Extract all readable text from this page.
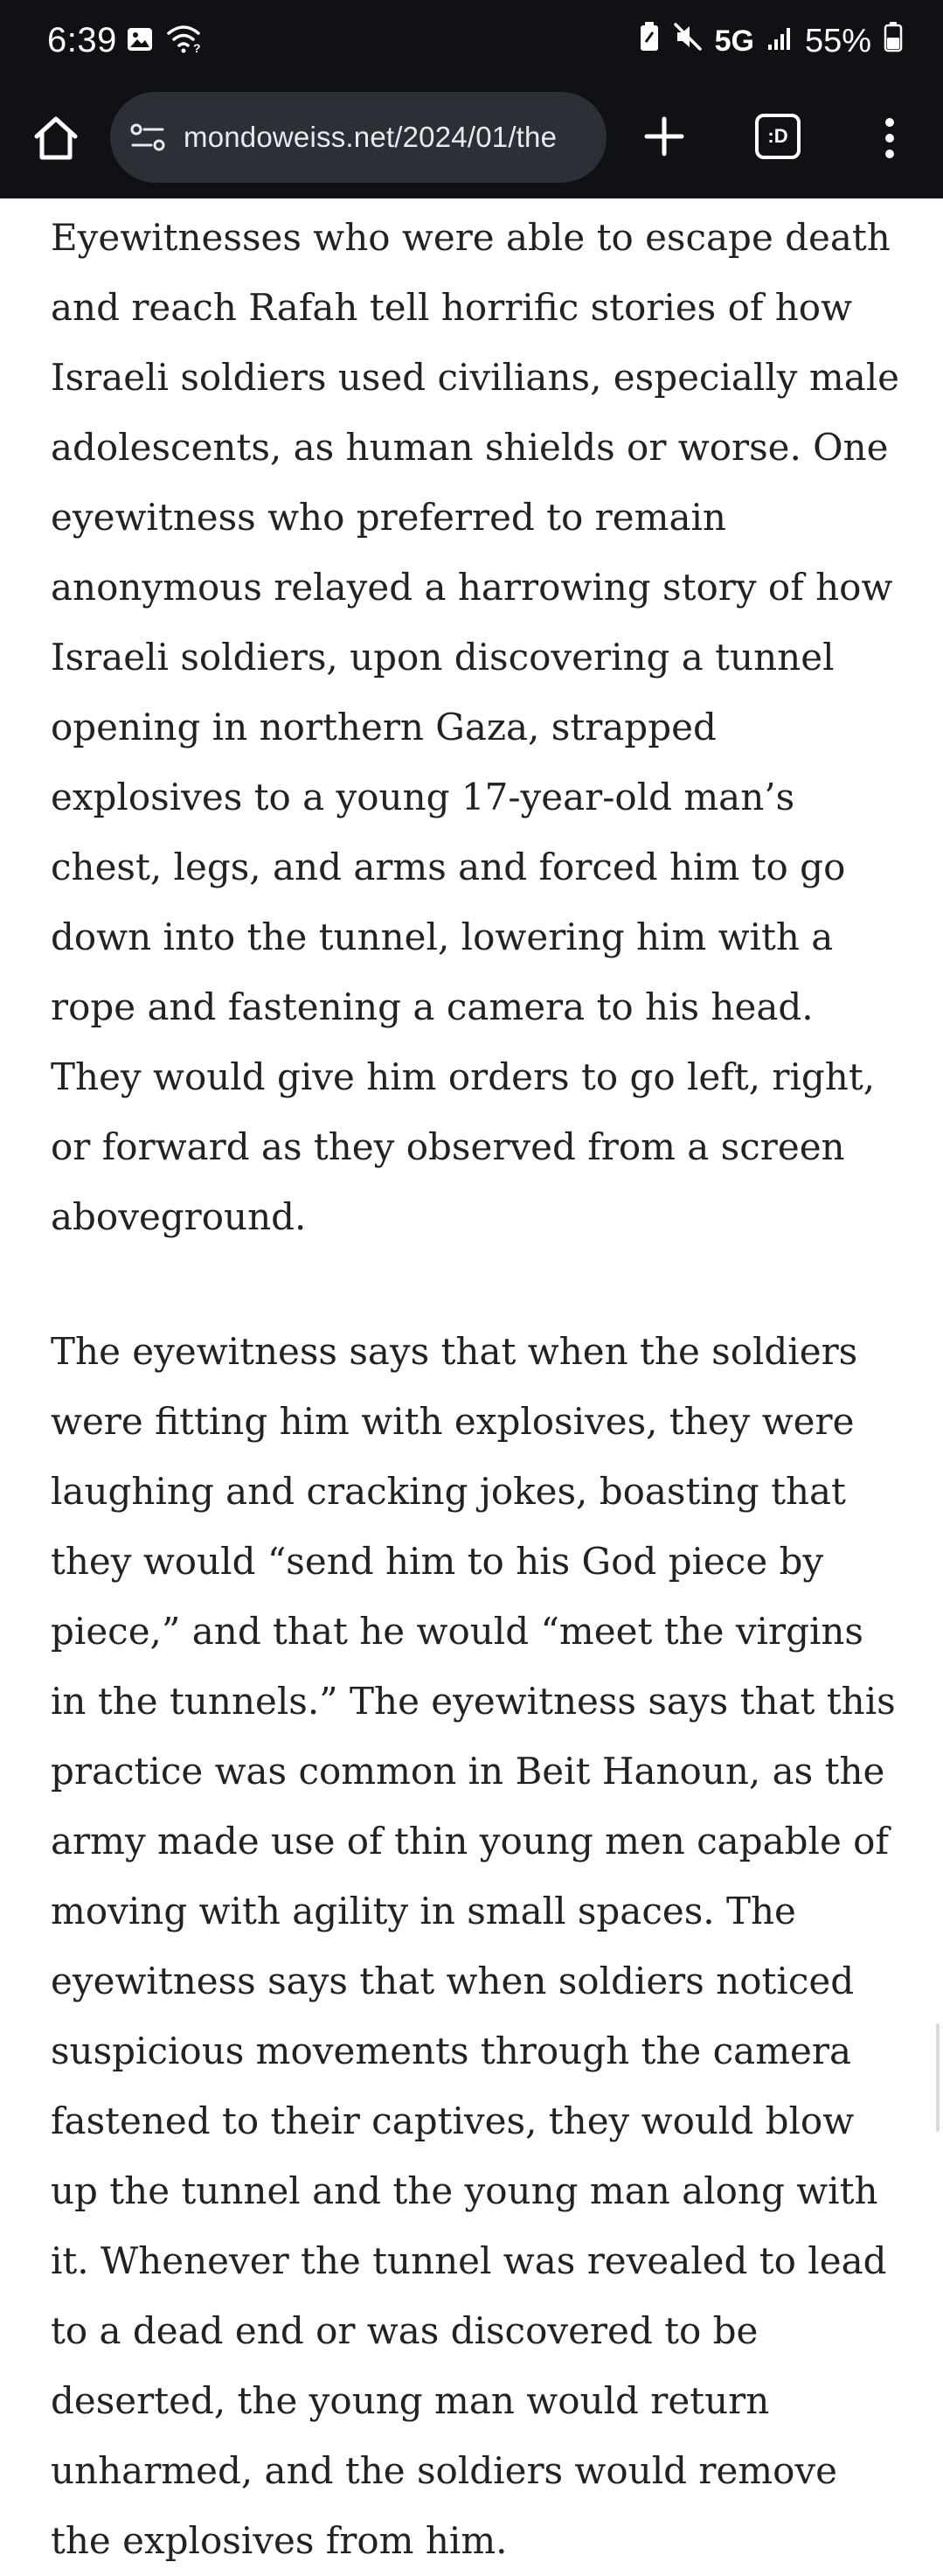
6:39	?	5G 55%
mondoweiss.net/2024/01/the	:D

Eyewitnesses who were able to escape death and reach Rafah tell horrific stories of how Israeli soldiers used civilians, especially male adolescents, as human shields or worse. One eyewitness who preferred to remain anonymous relayed a harrowing story of how Israeli soldiers, upon discovering a tunnel opening in northern Gaza, strapped explosives to a young 17-year-old man’s chest, legs, and arms and forced him to go down into the tunnel, lowering him with a rope and fastening a camera to his head. They would give him orders to go left, right, or forward as they observed from a screen aboveground.

The eyewitness says that when the soldiers were fitting him with explosives, they were laughing and cracking jokes, boasting that they would “send him to his God piece by piece,” and that he would “meet the virgins in the tunnels.” The eyewitness says that this practice was common in Beit Hanoun, as the army made use of thin young men capable of moving with agility in small spaces. The eyewitness says that when soldiers noticed suspicious movements through the camera fastened to their captives, they would blow up the tunnel and the young man along with it. Whenever the tunnel was revealed to lead to a dead end or was discovered to be deserted, the young man would return unharmed, and the soldiers would remove the explosives from him.
